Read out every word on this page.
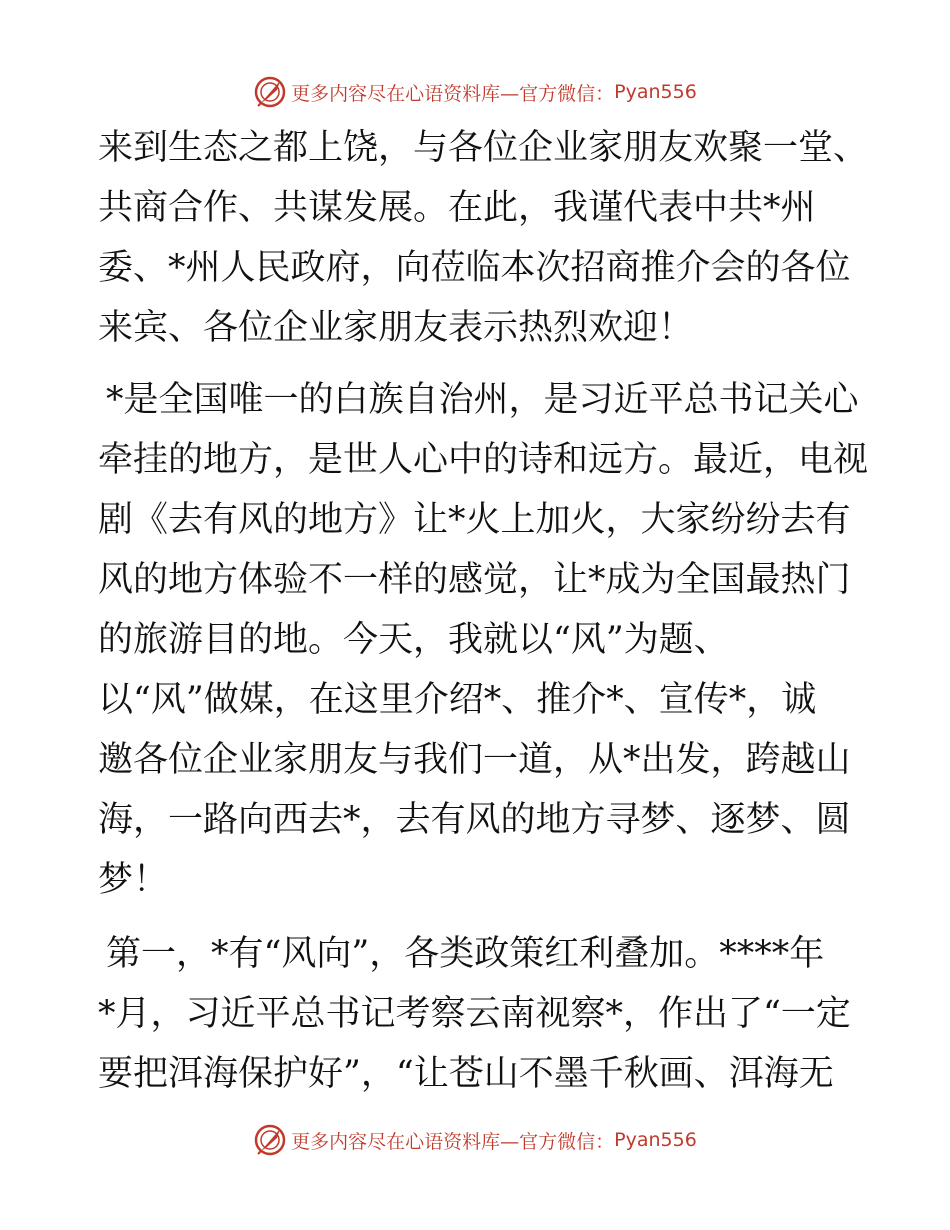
更多内容尽在心语资料库—官方微信： Pyan556
来到生态之都上饶，与各位企业家朋友欢聚一堂、
共商合作、共谋发展。在此，我谨代表中共*州
委、*州人民政府，向莅临本次招商推介会的各位
来宾、各位企业家朋友表示热烈欢迎！
*是全国唯一的白族自治州，是习近平总书记关心
牵挂的地方，是世人心中的诗和远方。最近，电视
剧《去有风的地方》让*火上加火，大家纷纷去有
风的地方体验不一样的感觉，让*成为全国最热门
的旅游目的地。今天，我就以“风”为题、
以“风”做媒，在这里介绍*、推介*、宣传*，诚
邀各位企业家朋友与我们一道，从*出发，跨越山
海，一路向西去*，去有风的地方寻梦、逐梦、圆
梦！
第一，*有“风向”，各类政策红利叠加。****年
*月，习近平总书记考察云南视察*，作出了“一定
要把洱海保护好”，“让苍山不墨千秋画、洱海无
更多内容尽在心语资料库—官方微信： Pyan556
